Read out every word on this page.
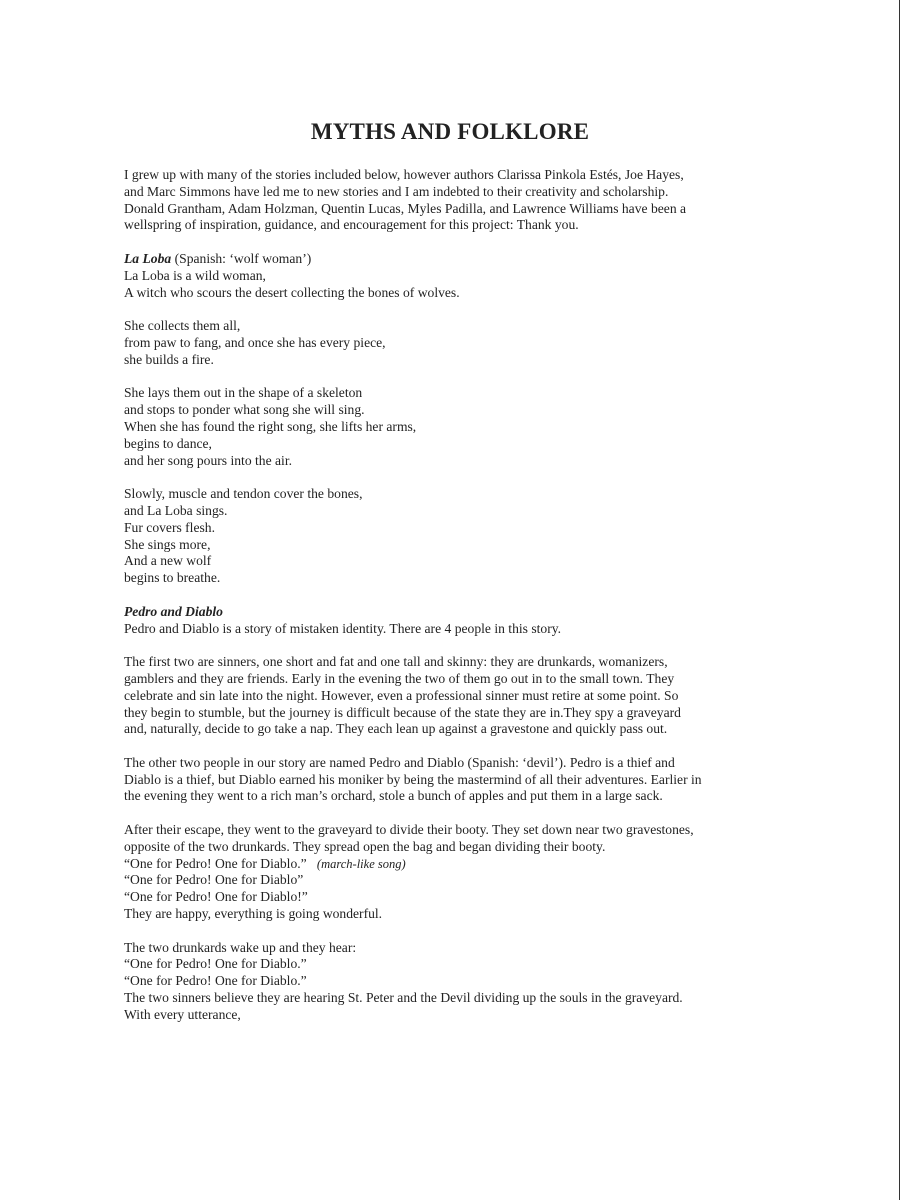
MYTHS AND FOLKLORE

I grew up with many of the stories included below, however authors Clarissa Pinkola Estés, Joe Hayes,
and Marc Simmons have led me to new stories and I am indebted to their creativity and scholarship.
Donald Grantham, Adam Holzman, Quentin Lucas, Myles Padilla, and Lawrence Williams have been a
wellspring of inspiration, guidance, and encouragement for this project: Thank you.

La Loba (Spanish: ‘wolf woman’)
La Loba is a wild woman,
A witch who scours the desert collecting the bones of wolves.

She collects them all,
from paw to fang, and once she has every piece,
she builds a fire.

She lays them out in the shape of a skeleton
and stops to ponder what song she will sing.
When she has found the right song, she lifts her arms,
begins to dance,
and her song pours into the air.

Slowly, muscle and tendon cover the bones,
and La Loba sings.
Fur covers flesh.
She sings more,
And a new wolf
begins to breathe.

Pedro and Diablo
Pedro and Diablo is a story of mistaken identity. There are 4 people in this story.

The first two are sinners, one short and fat and one tall and skinny: they are drunkards, womanizers,
gamblers and they are friends. Early in the evening the two of them go out in to the small town. They
celebrate and sin late into the night. However, even a professional sinner must retire at some point. So
they begin to stumble, but the journey is difficult because of the state they are in.They spy a graveyard
and, naturally, decide to go take a nap. They each lean up against a gravestone and quickly pass out.

The other two people in our story are named Pedro and Diablo (Spanish: ‘devil’). Pedro is a thief and
Diablo is a thief, but Diablo earned his moniker by being the mastermind of all their adventures. Earlier in
the evening they went to a rich man’s orchard, stole a bunch of apples and put them in a large sack.

After their escape, they went to the graveyard to divide their booty. They set down near two gravestones,
opposite of the two drunkards. They spread open the bag and began dividing their booty.
“One for Pedro! One for Diablo.” (march-like song)
“One for Pedro! One for Diablo”
“One for Pedro! One for Diablo!”
They are happy, everything is going wonderful.

The two drunkards wake up and they hear:
“One for Pedro! One for Diablo.”
“One for Pedro! One for Diablo.”
The two sinners believe they are hearing St. Peter and the Devil dividing up the souls in the graveyard.
With every utterance,
